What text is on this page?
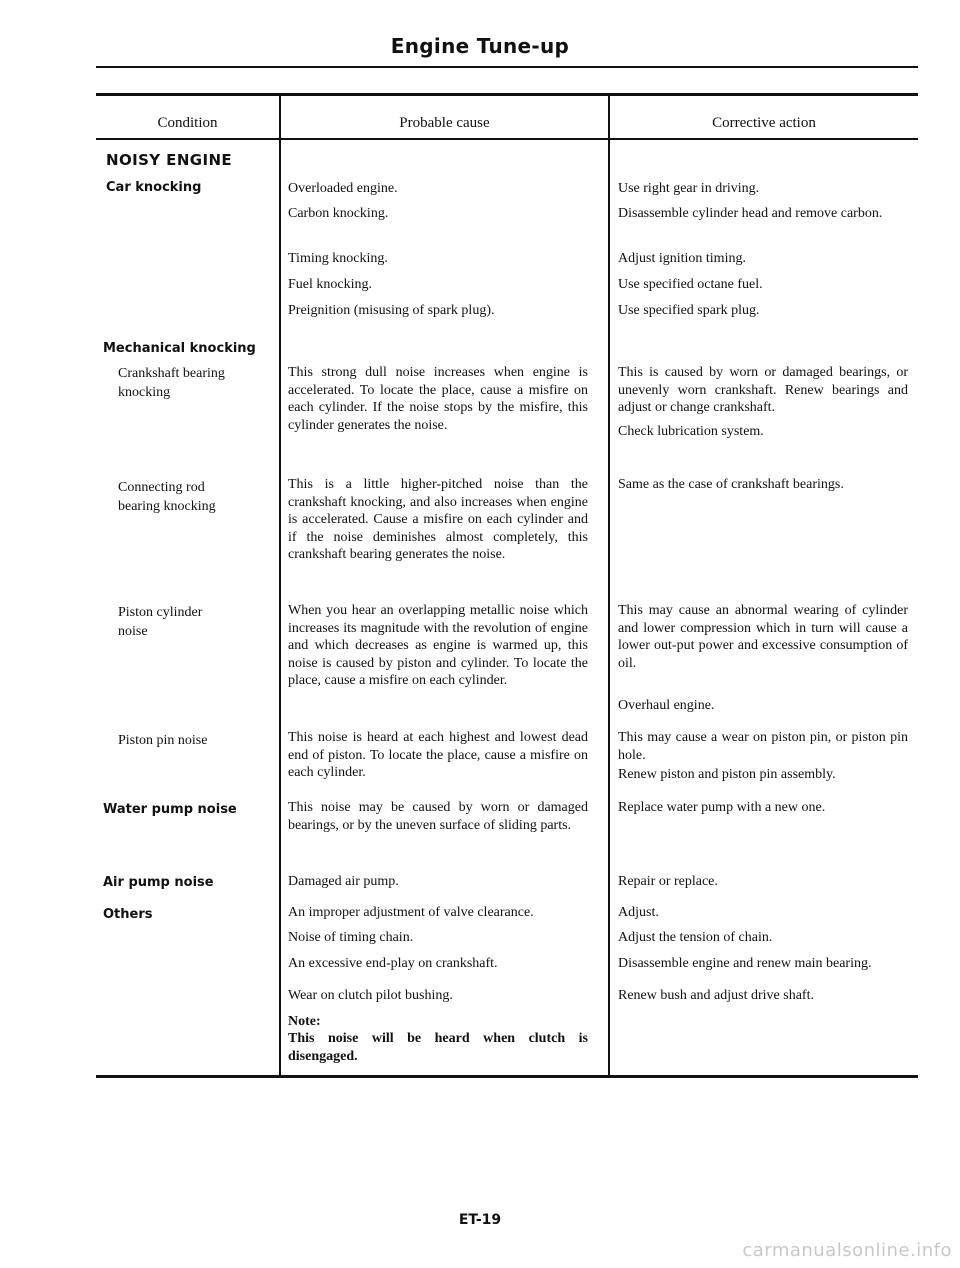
Engine Tune-up
Condition	Probable cause	Corrective action
NOISY ENGINE
Car knocking
Mechanical knocking
Crankshaft bearing knocking
Connecting rod bearing knocking
Piston cylinder noise
Piston pin noise
Water pump noise
Air pump noise
Others
Overloaded engine.
Carbon knocking.
Timing knocking.
Fuel knocking.
Preignition (misusing of spark plug).
This strong dull noise increases when engine is accelerated. To locate the place, cause a misfire on each cylinder. If the noise stops by the misfire, this cylinder generates the noise.
This is a little higher-pitched noise than the crankshaft knocking, and also increases when engine is accelerated. Cause a misfire on each cylinder and if the noise deminishes almost completely, this crankshaft bearing generates the noise.
When you hear an overlapping metallic noise which increases its magnitude with the revolution of engine and which decreases as engine is warmed up, this noise is caused by piston and cylinder. To locate the place, cause a misfire on each cylinder.
This noise is heard at each highest and lowest dead end of piston. To locate the place, cause a misfire on each cylinder.
This noise may be caused by worn or damaged bearings, or by the uneven surface of sliding parts.
Damaged air pump.
An improper adjustment of valve clearance.
Noise of timing chain.
An excessive end-play on crankshaft.
Wear on clutch pilot bushing.
Note:
This noise will be heard when clutch is disengaged.
Use right gear in driving.
Disassemble cylinder head and remove carbon.
Adjust ignition timing.
Use specified octane fuel.
Use specified spark plug.
This is caused by worn or damaged bearings, or unevenly worn crankshaft. Renew bearings and adjust or change crankshaft.
Check lubrication system.
Same as the case of crankshaft bearings.
This may cause an abnormal wearing of cylinder and lower compression which in turn will cause a lower out-put power and excessive consumption of oil.
Overhaul engine.
This may cause a wear on piston pin, or piston pin hole.
Renew piston and piston pin assembly.
Replace water pump with a new one.
Repair or replace.
Adjust.
Adjust the tension of chain.
Disassemble engine and renew main bearing.
Renew bush and adjust drive shaft.
ET-19
carmanualsonline.info
